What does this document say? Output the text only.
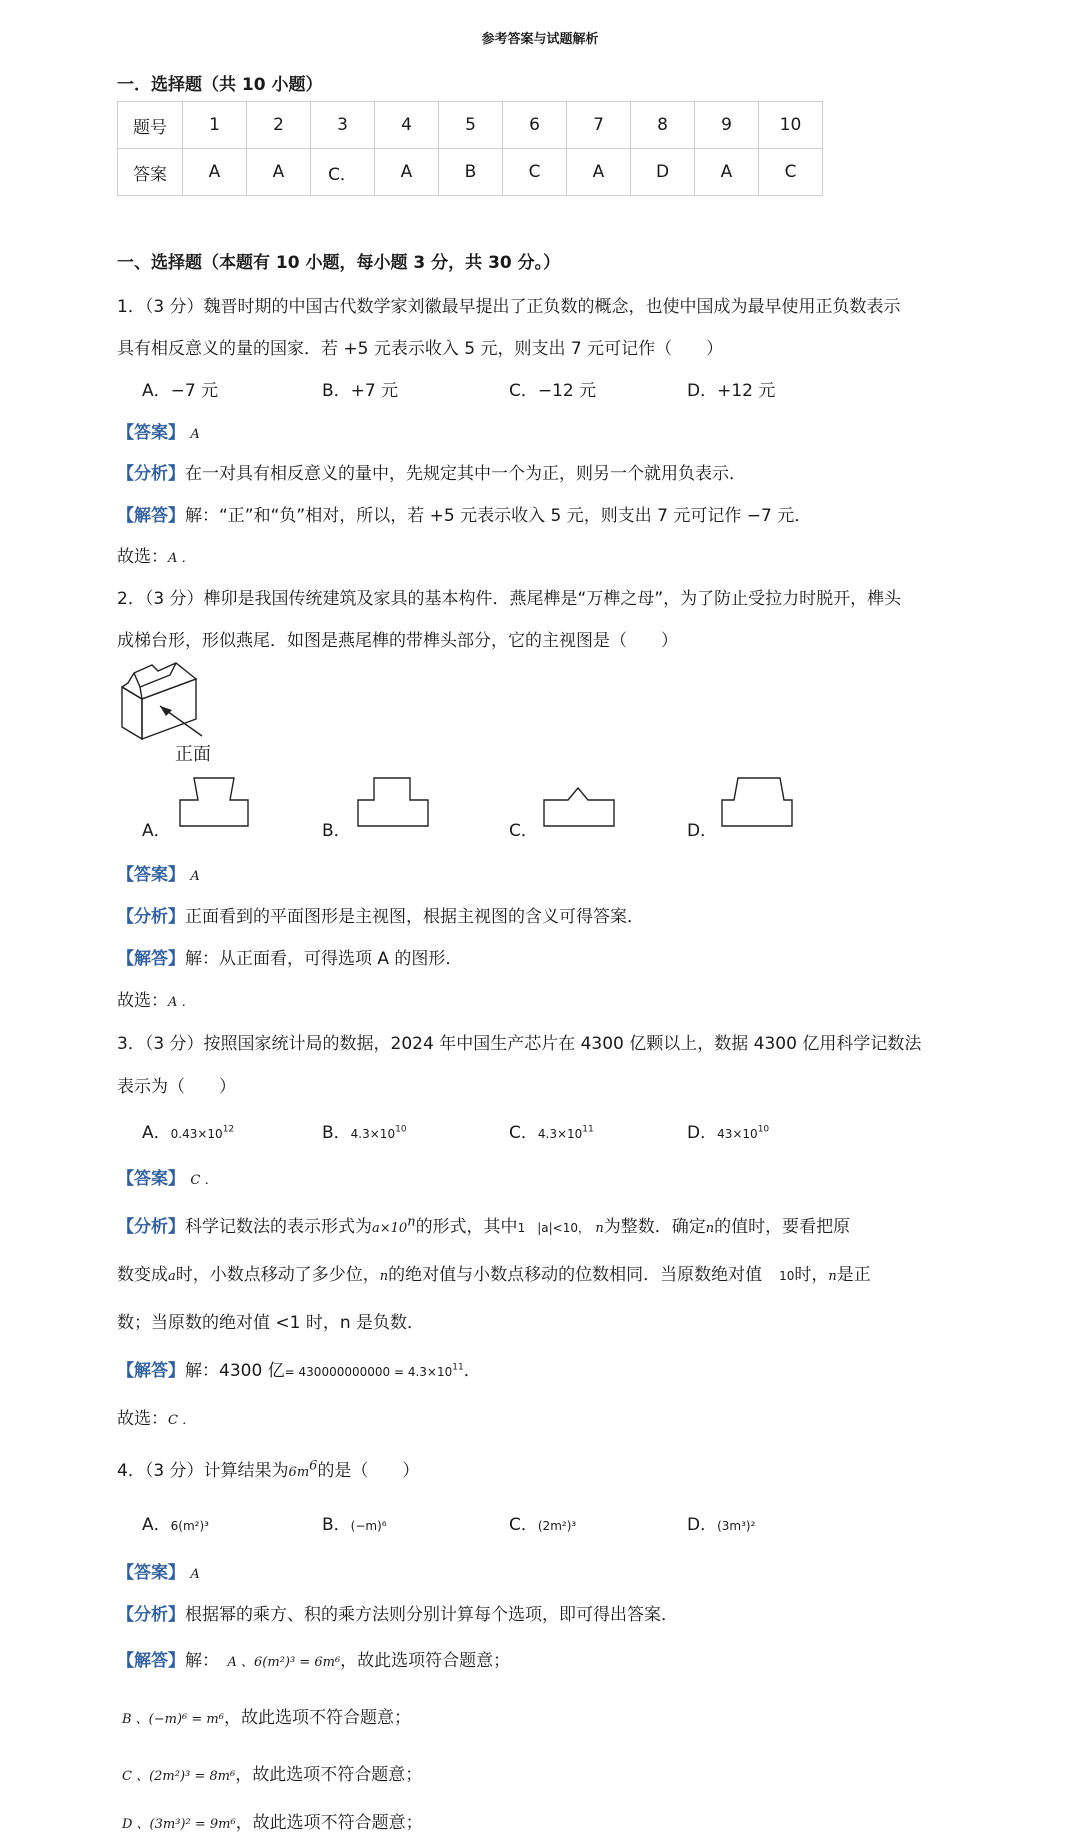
参考答案与试题解析
一．选择题（共 10 小题）
题号	1	2	3	4	5	6	7	8	9	10
答案	A	A	C．	A	B	C	A	D	A	C
一、选择题（本题有 10 小题，每小题 3 分，共 30 分。）
1．（3 分）魏晋时期的中国古代数学家刘徽最早提出了正负数的概念，也使中国成为最早使用正负数表示
具有相反意义的量的国家．若 +5 元表示收入 5 元，则支出 7 元可记作（　　）
A．−7 元	B．+7 元	C．−12 元	D．+12 元
【答案】 A
【分析】在一对具有相反意义的量中，先规定其中一个为正，则另一个就用负表示．
【解答】解：“正”和“负”相对，所以，若 +5 元表示收入 5 元，则支出 7 元可记作 −7 元．
故选：A ．
2．（3 分）榫卯是我国传统建筑及家具的基本构件．燕尾榫是“万榫之母”，为了防止受拉力时脱开，榫头
成梯台形，形似燕尾．如图是燕尾榫的带榫头部分，它的主视图是（　　）
正面
A．	B．	C．	D．
【答案】 A
【分析】正面看到的平面图形是主视图，根据主视图的含义可得答案．
【解答】解：从正面看，可得选项 A 的图形．
故选：A ．
3．（3 分）按照国家统计局的数据，2024 年中国生产芯片在 4300 亿颗以上，数据 4300 亿用科学记数法
表示为（　　）
A．$0.43\times 10^{12}$	B．$4.3\times 10^{10}$	C．$4.3\times 10^{11}$	D．$43\times 10^{10}$
【答案】 C ．
【分析】科学记数法的表示形式为$a\times 10^n$的形式，其中1　|a|<10， n为整数．确定n的值时，要看把原
数变成a时，小数点移动了多少位，n的绝对值与小数点移动的位数相同．当原数绝对值　 10时，n是正
数；当原数的绝对值 <1 时，n 是负数．
【解答】解：4300 亿= $430000000000 = 4.3\times 10^{11}$．
故选：C ．
4．（3 分）计算结果为$6m^6$的是（　　）
A．6(m²)³	B．(−m)⁶	C．(2m²)³	D．(3m³)²
【答案】 A
【分析】根据幂的乘方、积的乘方法则分别计算每个选项，即可得出答案．
【解答】解：　 A 、6(m²)³ = 6m⁶，故此选项符合题意；
B 、(−m)⁶ = m⁶，故此选项不符合题意；
C 、(2m²)³ = 8m⁶，故此选项不符合题意；
D 、(3m³)² = 9m⁶，故此选项不符合题意；
